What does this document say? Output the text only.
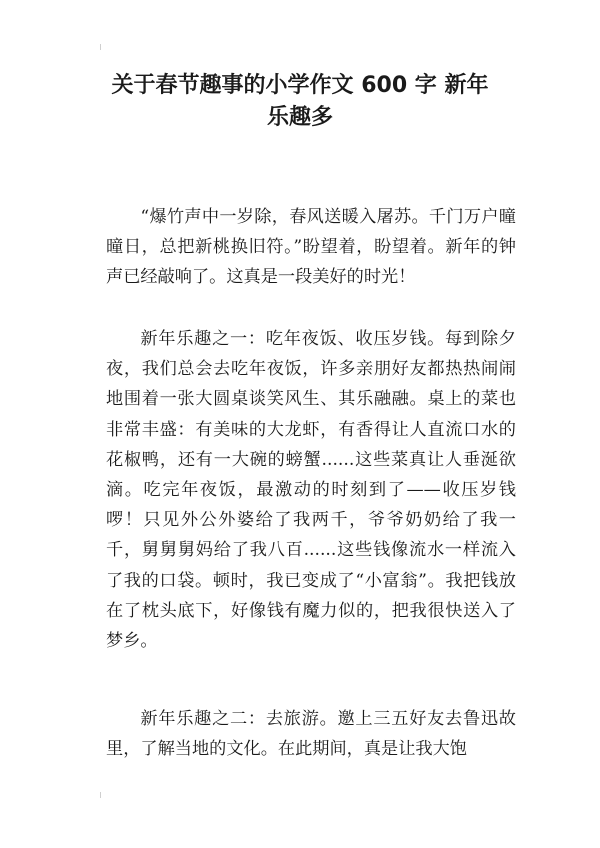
关于春节趣事的小学作文 600 字 新年
乐趣多

“爆竹声中一岁除，春风送暖入屠苏。千门万户曈曈日，总把新桃换旧符。”盼望着，盼望着。新年的钟声已经敲响了。这真是一段美好的时光！

新年乐趣之一：吃年夜饭、收压岁钱。每到除夕夜，我们总会去吃年夜饭，许多亲朋好友都热热闹闹地围着一张大圆桌谈笑风生、其乐融融。桌上的菜也非常丰盛：有美味的大龙虾，有香得让人直流口水的花椒鸭，还有一大碗的螃蟹......这些菜真让人垂涎欲滴。吃完年夜饭，最激动的时刻到了——收压岁钱啰！只见外公外婆给了我两千，爷爷奶奶给了我一千，舅舅舅妈给了我八百......这些钱像流水一样流入了我的口袋。顿时，我已变成了“小富翁”。我把钱放在了枕头底下，好像钱有魔力似的，把我很快送入了梦乡。

新年乐趣之二：去旅游。邀上三五好友去鲁迅故里，了解当地的文化。在此期间，真是让我大饱
